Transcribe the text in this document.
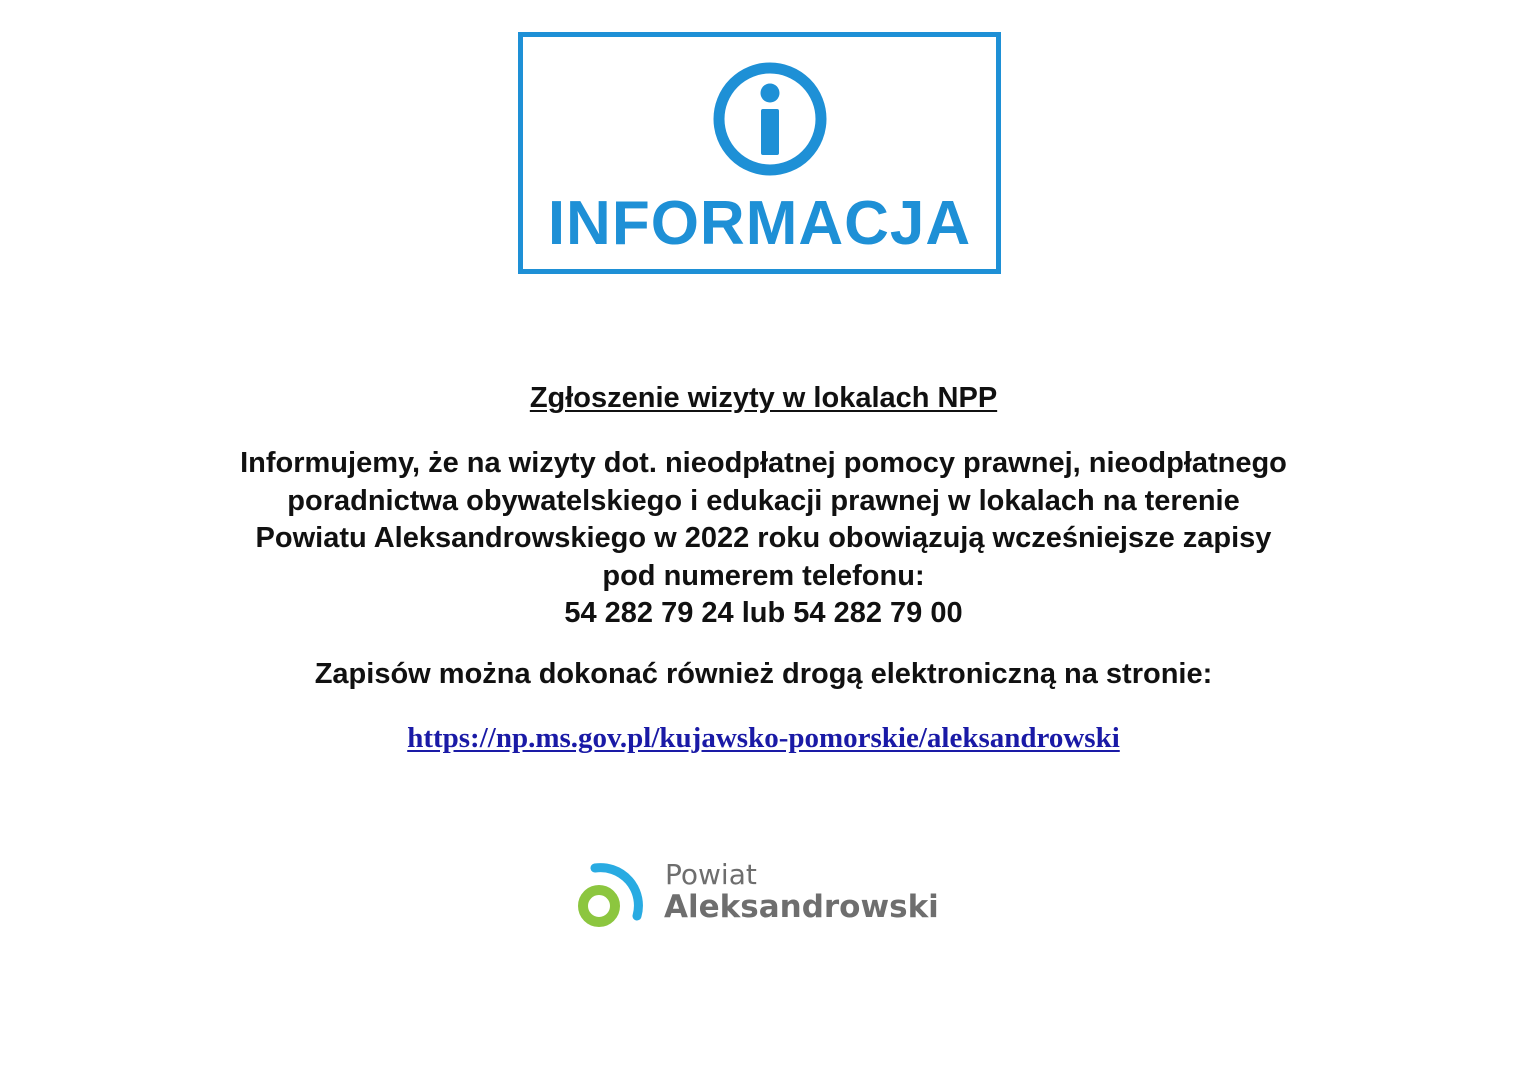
INFORMACJA
Zgłoszenie wizyty w lokalach NPP
Informujemy, że na wizyty dot. nieodpłatnej pomocy prawnej, nieodpłatnego
poradnictwa obywatelskiego i edukacji prawnej w lokalach na terenie
Powiatu Aleksandrowskiego w 2022 roku obowiązują wcześniejsze zapisy
pod numerem telefonu:
54 282 79 24 lub 54 282 79 00
Zapisów można dokonać również drogą elektroniczną na stronie:
https://np.ms.gov.pl/kujawsko-pomorskie/aleksandrowski
Powiat
Aleksandrowski
